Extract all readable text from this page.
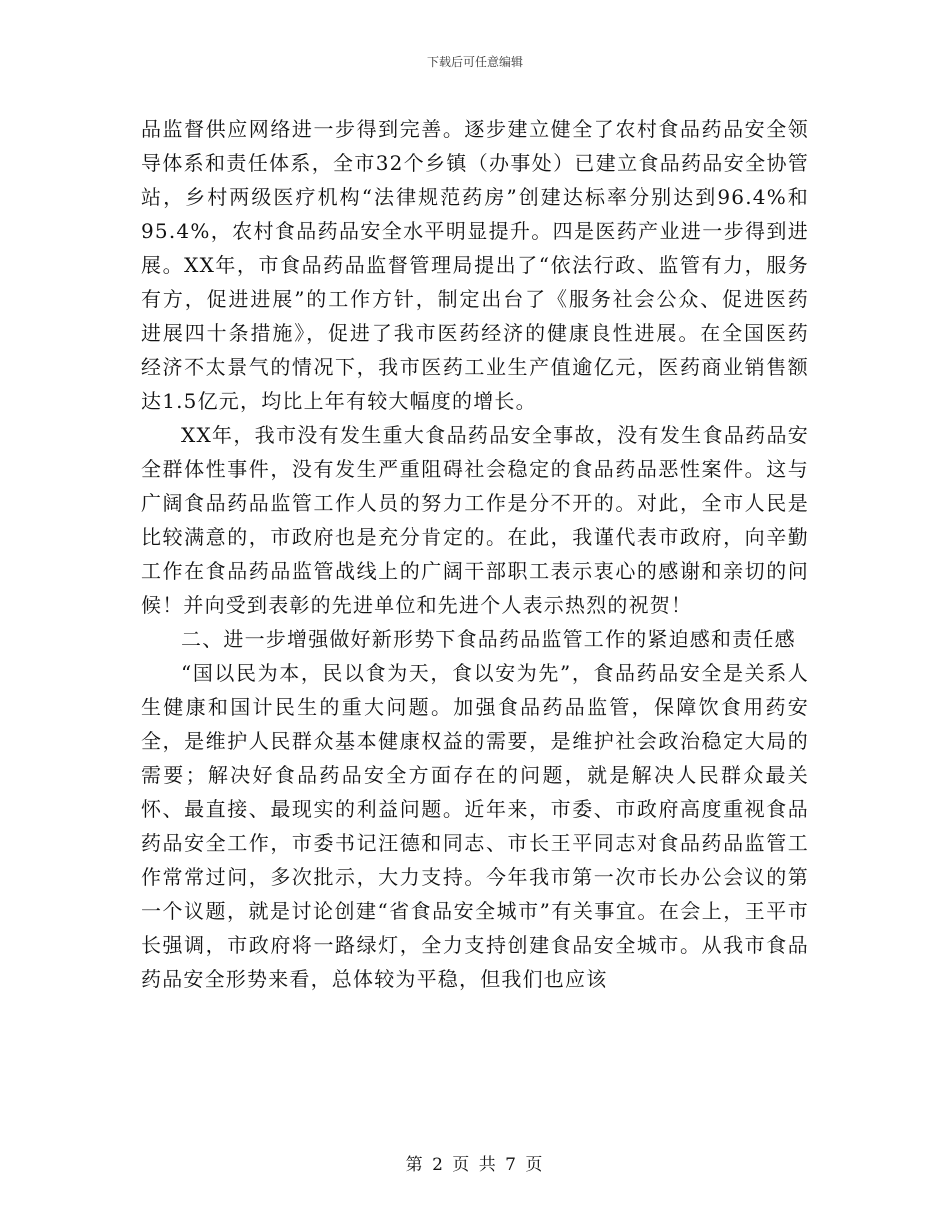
下载后可任意编辑

品监督供应网络进一步得到完善。逐步建立健全了农村食品药品安全领导体系和责任体系，全市32个乡镇（办事处）已建立食品药品安全协管站，乡村两级医疗机构“法律规范药房”创建达标率分别达到96.4%和95.4%，农村食品药品安全水平明显提升。四是医药产业进一步得到进展。XX年，市食品药品监督管理局提出了“依法行政、监管有力，服务有方，促进进展”的工作方针，制定出台了《服务社会公众、促进医药进展四十条措施》，促进了我市医药经济的健康良性进展。在全国医药经济不太景气的情况下，我市医药工业生产值逾亿元，医药商业销售额达1.5亿元，均比上年有较大幅度的增长。

XX年，我市没有发生重大食品药品安全事故，没有发生食品药品安全群体性事件，没有发生严重阻碍社会稳定的食品药品恶性案件。这与广阔食品药品监管工作人员的努力工作是分不开的。对此，全市人民是比较满意的，市政府也是充分肯定的。在此，我谨代表市政府，向辛勤工作在食品药品监管战线上的广阔干部职工表示衷心的感谢和亲切的问候！并向受到表彰的先进单位和先进个人表示热烈的祝贺！

二、进一步增强做好新形势下食品药品监管工作的紧迫感和责任感

“国以民为本，民以食为天，食以安为先”，食品药品安全是关系人生健康和国计民生的重大问题。加强食品药品监管，保障饮食用药安全，是维护人民群众基本健康权益的需要，是维护社会政治稳定大局的需要；解决好食品药品安全方面存在的问题，就是解决人民群众最关怀、最直接、最现实的利益问题。近年来，市委、市政府高度重视食品药品安全工作，市委书记汪德和同志、市长王平同志对食品药品监管工作常常过问，多次批示，大力支持。今年我市第一次市长办公会议的第一个议题，就是讨论创建“省食品安全城市”有关事宜。在会上，王平市长强调，市政府将一路绿灯，全力支持创建食品安全城市。从我市食品药品安全形势来看，总体较为平稳，但我们也应该

第 2 页 共 7 页
